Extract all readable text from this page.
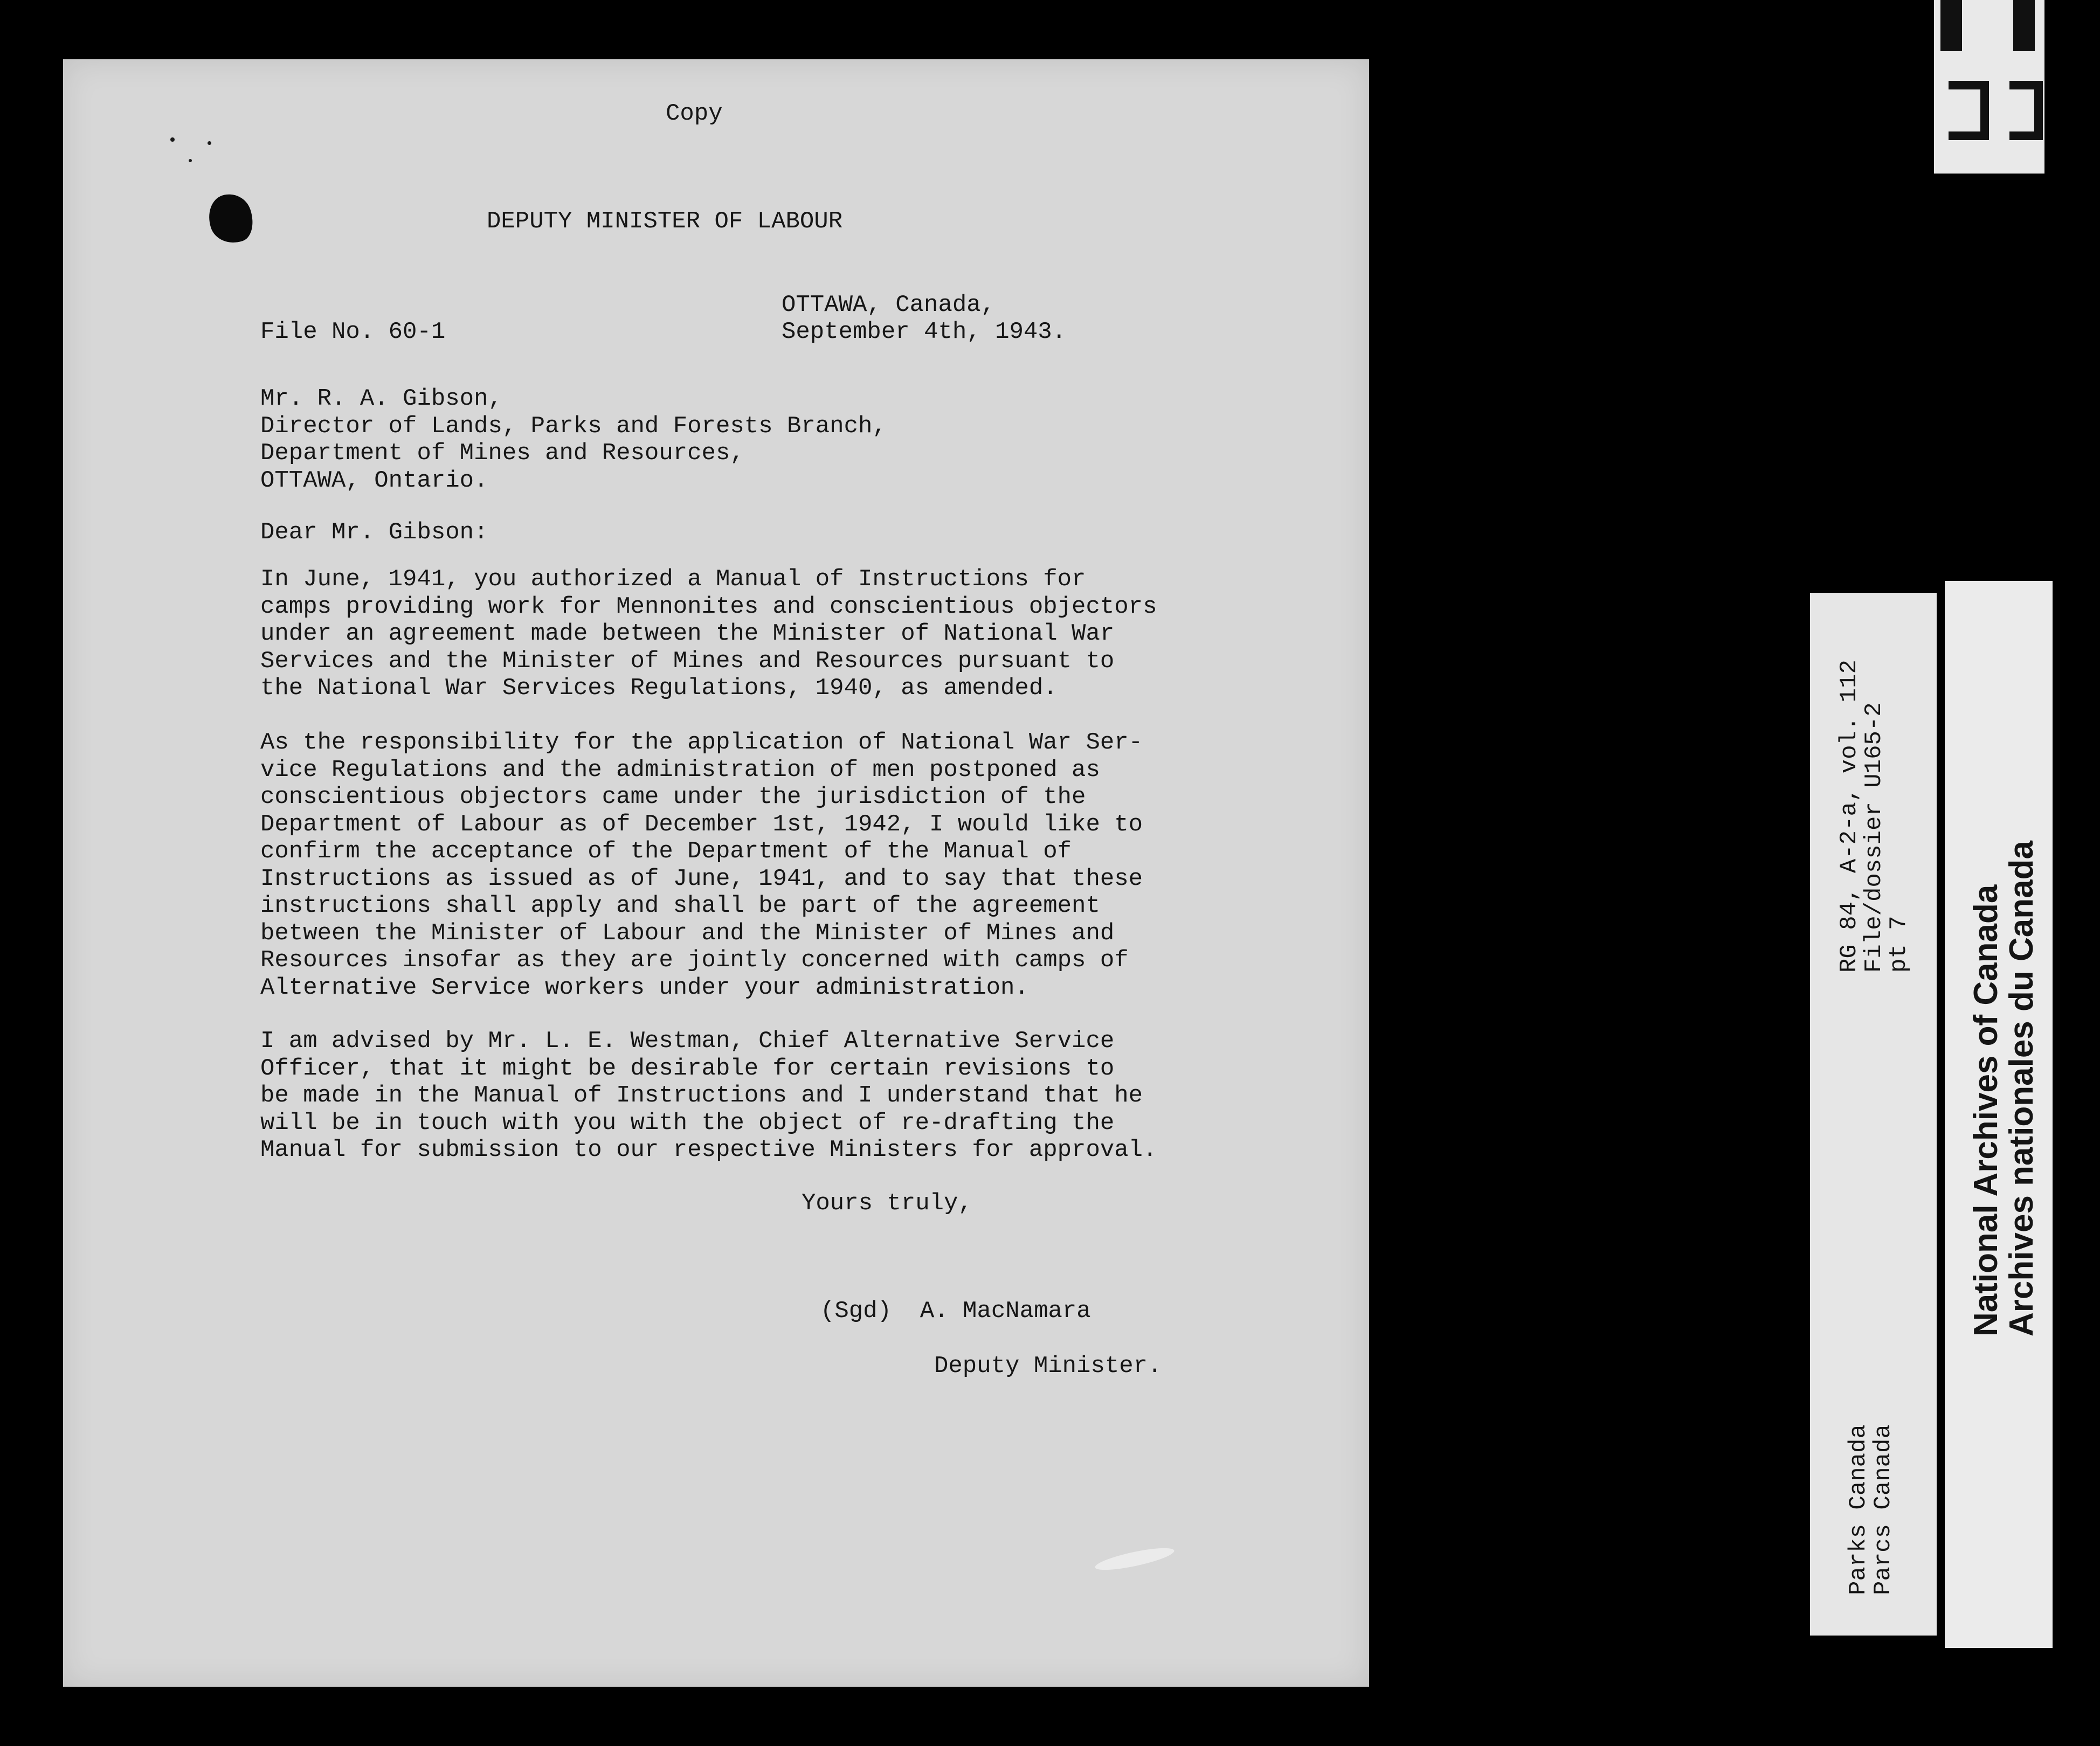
Copy

DEPUTY MINISTER OF LABOUR

OTTAWA, Canada,

File No. 60-1	September 4th, 1943.

Mr. R. A. Gibson,
Director of Lands, Parks and Forests Branch,
Department of Mines and Resources,
OTTAWA, Ontario.

Dear Mr. Gibson:

In June, 1941, you authorized a Manual of Instructions for
camps providing work for Mennonites and conscientious objectors
under an agreement made between the Minister of National War
Services and the Minister of Mines and Resources pursuant to
the National War Services Regulations, 1940, as amended.
As the responsibility for the application of National War Ser-
vice Regulations and the administration of men postponed as
conscientious objectors came under the jurisdiction of the
Department of Labour as of December 1st, 1942, I would like to
confirm the acceptance of the Department of the Manual of
Instructions as issued as of June, 1941, and to say that these
instructions shall apply and shall be part of the agreement
between the Minister of Labour and the Minister of Mines and
Resources insofar as they are jointly concerned with camps of
Alternative Service workers under your administration.
I am advised by Mr. L. E. Westman, Chief Alternative Service
Officer, that it might be desirable for certain revisions to
be made in the Manual of Instructions and I understand that he
will be in touch with you with the object of re-drafting the
Manual for submission to our respective Ministers for approval.

Yours truly,

(Sgd)  A. MacNamara

Deputy Minister.

RG 84, A-2-a, vol. 112
File/dossier U165-2
pt 7
Parks Canada
Parcs Canada
National Archives of Canada
Archives nationales du Canada
